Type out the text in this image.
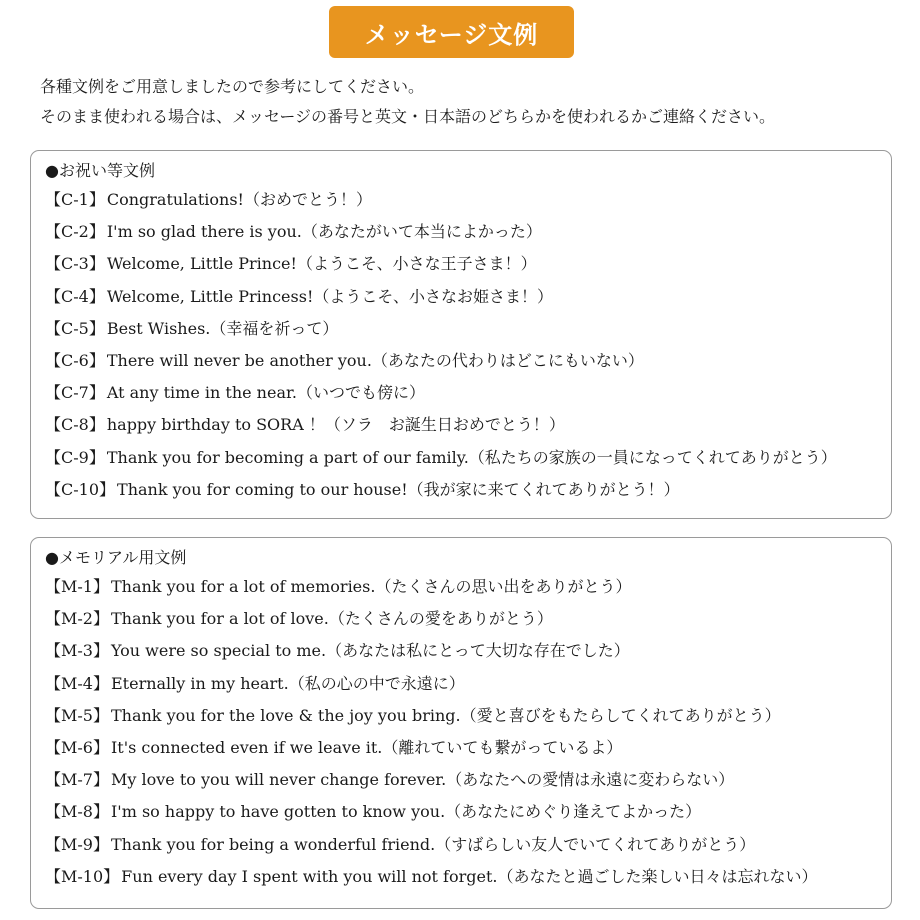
メッセージ文例
各種文例をご用意しましたので参考にしてください。
そのまま使われる場合は、メッセージの番号と英文・日本語のどちらかを使われるかご連絡ください。
●お祝い等文例
【C-1】 Congratulations!（おめでとう！）
【C-2】 I'm so glad there is you.（あなたがいて本当によかった）
【C-3】 Welcome, Little Prince!（ようこそ、小さな王子さま！）
【C-4】 Welcome, Little Princess!（ようこそ、小さなお姫さま！）
【C-5】 Best Wishes.（幸福を祈って）
【C-6】 There will never be another you.（あなたの代わりはどこにもいない）
【C-7】 At any time in the near.（いつでも傍に）
【C-8】 happy birthday to SORA ！（ソラ　お誕生日おめでとう！）
【C-9】 Thank you for becoming a part of our family.（私たちの家族の一員になってくれてありがとう）
【C-10】 Thank you for coming to our house!（我が家に来てくれてありがとう！）
●メモリアル用文例
【M-1】 Thank you for a lot of memories.（たくさんの思い出をありがとう）
【M-2】 Thank you for a lot of love.（たくさんの愛をありがとう）
【M-3】 You were so special to me.（あなたは私にとって大切な存在でした）
【M-4】 Eternally in my heart.（私の心の中で永遠に）
【M-5】 Thank you for the love & the joy you bring.（愛と喜びをもたらしてくれてありがとう）
【M-6】 It's connected even if we leave it.（離れていても繋がっているよ）
【M-7】 My love to you will never change forever.（あなたへの愛情は永遠に変わらない）
【M-8】 I'm so happy to have gotten to know you.（あなたにめぐり逢えてよかった）
【M-9】 Thank you for being a wonderful friend.（すばらしい友人でいてくれてありがとう）
【M-10】 Fun every day I spent with you will not forget.（あなたと過ごした楽しい日々は忘れない）
